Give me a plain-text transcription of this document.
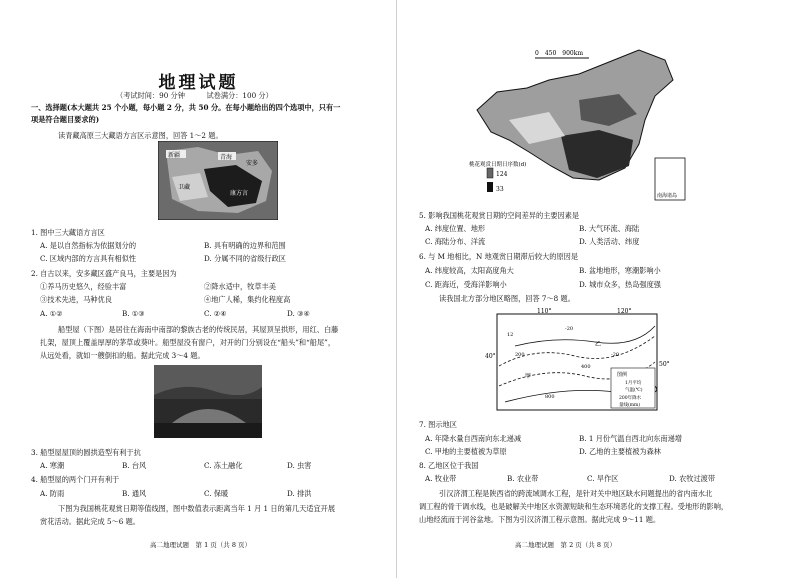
地理试题
（考试时间：90 分钟　　　试卷满分：100 分）
一、选择题(本大题共 25 个小题，每小题 2 分，共 50 分。在每小题给出的四个选项中，只有一
项是符合题目要求的)
读青藏高原三大藏语方言区示意图，回答 1～2 题。
新疆	青海
卫藏
康方言
安多
1. 图中三大藏语方言区
A. 是以自然指标为依据划分的	B. 具有明确的边界和范围
C. 区域内部的方言具有相似性	D. 分属不同的省级行政区
2. 自古以来，安多藏区盛产良马，主要是因为
①养马历史悠久，经验丰富	②降水适中，牧草丰美
③技术先进，马种优良	④地广人稀，集约化程度高
A. ①②	B. ①③	C. ②④	D. ③④
船型屋（下图）是居住在海南中南部的黎族古老的传统民居，其屋顶呈拱形，用红、白藤
扎架，屋顶上覆盖厚厚的茅草或葵叶。船型屋没有窗户，对开的门分别设在“船头”和“船尾”，
从远处看，就如一艘倒扣的船。据此完成 3～4 题。
3. 船型屋屋顶的圆拱造型有利于抗
A. 寒潮	B. 台风	C. 冻土融化	D. 虫害
4. 船型屋的两个门开有利于
A. 防雨	B. 通风	C. 保暖	D. 排洪
下图为我国桃花观赏日期等值线图，图中数值表示距离当年 1 月 1 日的第几天适宜开展
赏花活动。据此完成 5～6 题。
高二地理试题　第 1 页（共 8 页）
0　450　900km
桃花观赏日期日序数(d)
124
33
南海诸岛
5. 影响我国桃花观赏日期的空间差异的主要因素是
A. 纬度位置、地形	B. 大气环流、海陆
C. 海陆分布、洋流	D. 人类活动、纬度
6. 与 M 地相比，N 地观赏日期滞后较大的原因是
A. 纬度较高，太阳高度角大	B. 盆地地形，寒潮影响小
C. 距海近，受海洋影响小	D. 城市众多，热岛强度强
读我国北方部分地区略图，回答 7～8 题。
110°	120°
40°
50°
甲
乙
12
-20
-20
800
400
200
图例
1月平均
气温(℃)
200年降水
量线(mm)
7. 图示地区
A. 年降水量自西南向东北递减	B. 1 月份气温自西北向东南递增
C. 甲地的主要植被为草原	D. 乙地的主要植被为森林
8. 乙地区位于我国
A. 牧业带	B. 农业带	C. 旱作区	D. 农牧过渡带
引汉济渭工程是陕西省的跨流域调水工程，是针对关中地区缺水问题提出的省内南水北
调工程的骨干调水线，也是破解关中地区水资源短缺和生态环境恶化的支撑工程。受地形的影响，
山地经流而于河谷盆地。下图为引汉济渭工程示意图。据此完成 9～11 题。
高二地理试题　第 2 页（共 8 页）
